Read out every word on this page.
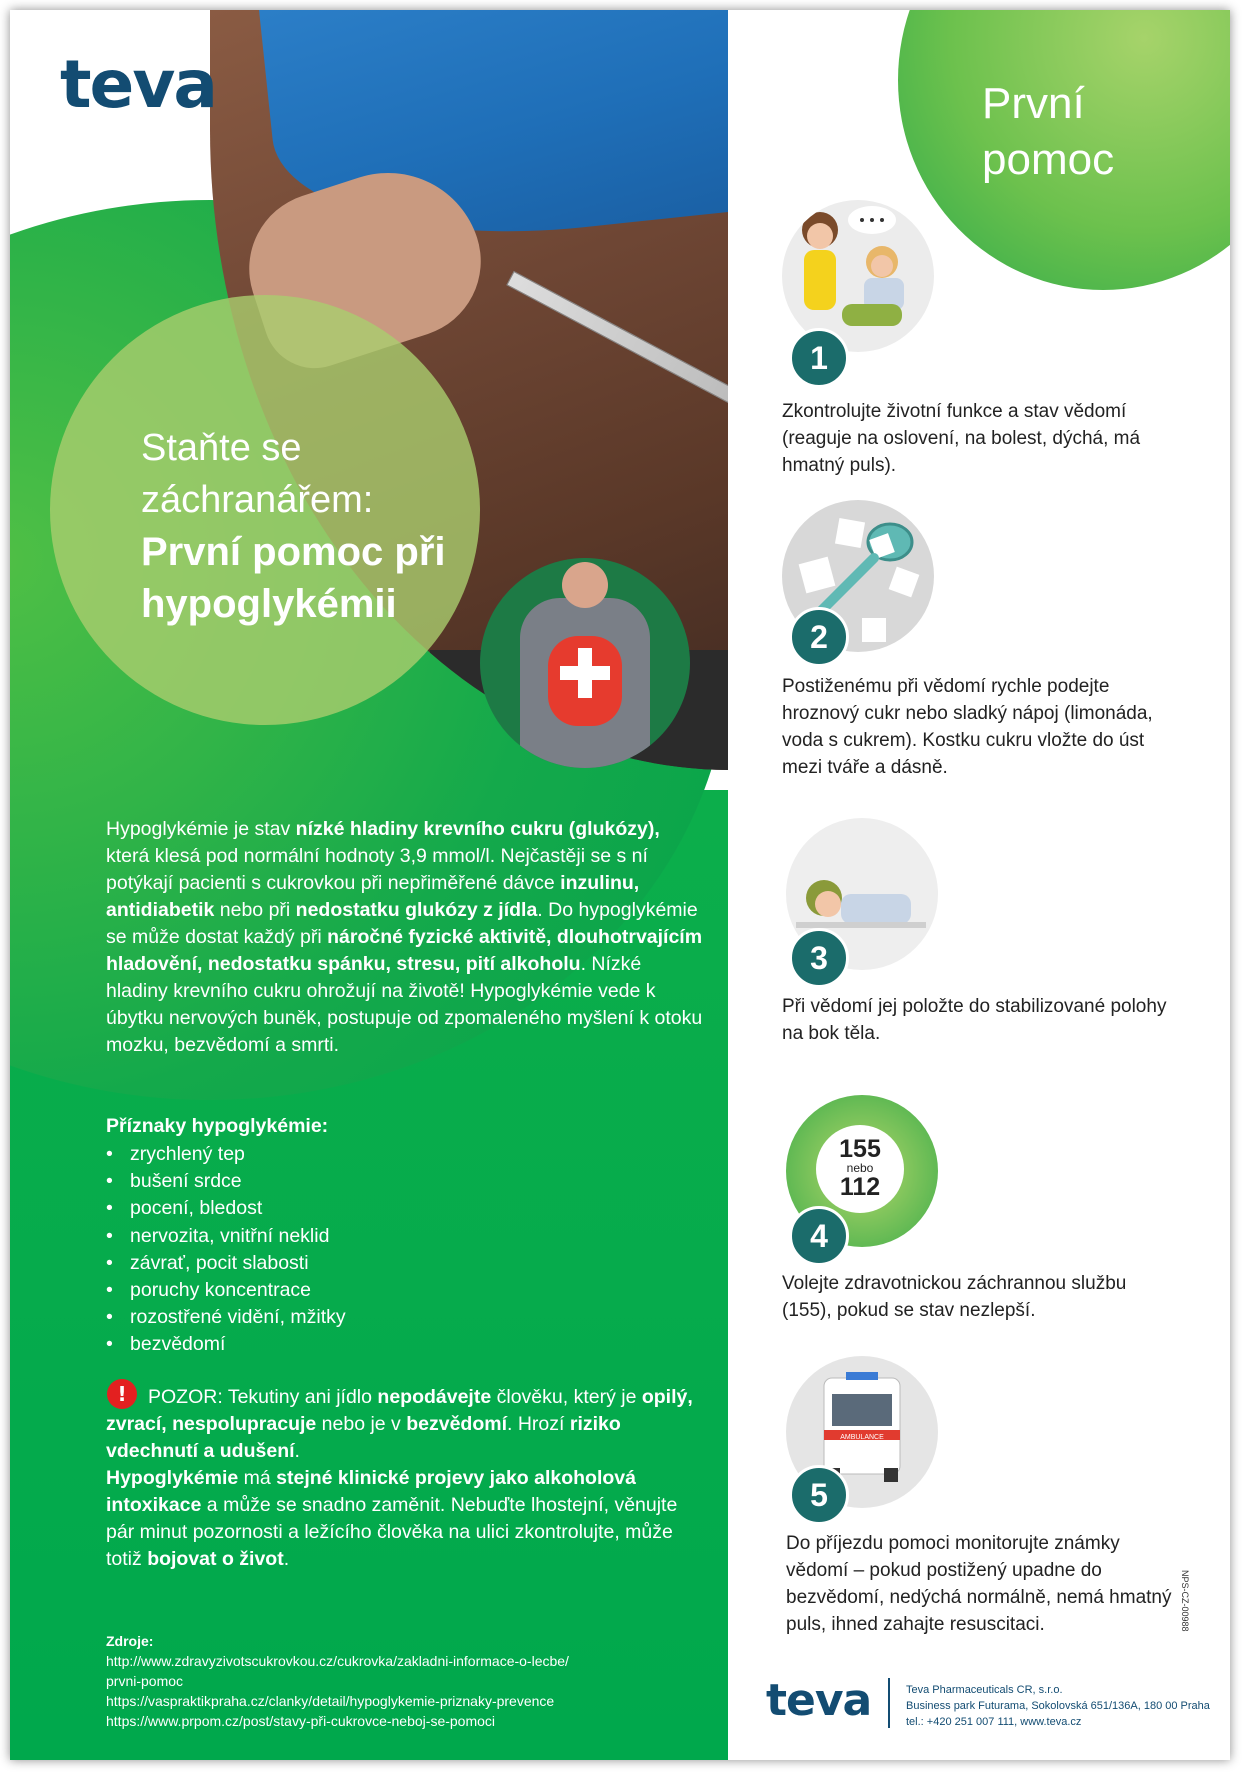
teva
Staňte se
záchranářem:
První pomoc při
hypoglykémii
Hypoglykémie je stav nízké hladiny krevního cukru (glukózy), která klesá pod normální hodnoty 3,9 mmol/l. Nejčastěji se s ní potýkají pacienti s cukrovkou při nepřiměřené dávce inzulinu, antidiabetik nebo při nedostatku glukózy z jídla. Do hypoglykémie se může dostat každý při náročné fyzické aktivitě, dlouhotrvajícím hladovění, nedostatku spánku, stresu, pití alkoholu. Nízké hladiny krevního cukru ohrožují na životě! Hypoglykémie vede k úbytku nervových buněk, postupuje od zpomaleného myšlení k otoku mozku, bezvědomí a smrti.
Příznaky hypoglykémie:
• zrychlený tep
• bušení srdce
• pocení, bledost
• nervozita, vnitřní neklid
• závrať, pocit slabosti
• poruchy koncentrace
• rozostřené vidění, mžitky
• bezvědomí
!	POZOR: Tekutiny ani jídlo nepodávejte člověku, který je opilý, zvrací, nespolupracuje nebo je v bezvědomí. Hrozí riziko vdechnutí a udušení.
Hypoglykémie má stejné klinické projevy jako alkoholová intoxikace a může se snadno zaměnit. Nebuďte lhostejní, věnujte pár minut pozornosti a ležícího člověka na ulici zkontrolujte, může totiž bojovat o život.
Zdroje:
http://www.zdravyzivotscukrovkou.cz/cukrovka/zakladni-informace-o-lecbe/
prvni-pomoc
https://vaspraktikpraha.cz/clanky/detail/hypoglykemie-priznaky-prevence
https://www.prpom.cz/post/stavy-při-cukrovce-neboj-se-pomoci
První
pomoc
1
Zkontrolujte životní funkce a stav vědomí (reaguje na oslovení, na bolest, dýchá, má hmatný puls).
2
Postiženému při vědomí rychle podejte hroznový cukr nebo sladký nápoj (limonáda, voda s cukrem). Kostku cukru vložte do úst mezi tváře a dásně.
3
Při vědomí jej položte do stabilizované polohy na bok těla.
155
nebo
112
4
Volejte zdravotnickou záchrannou službu (155), pokud se stav nezlepší.
AMBULANCE
5
Do příjezdu pomoci monitorujte známky vědomí – pokud postižený upadne do bezvědomí, nedýchá normálně, nemá hmatný puls, ihned zahajte resuscitaci.	NPS-CZ-00988
teva	Teva Pharmaceuticals CR, s.r.o.
Business park Futurama, Sokolovská 651/136A, 180 00 Praha
tel.: +420 251 007 111, www.teva.cz
